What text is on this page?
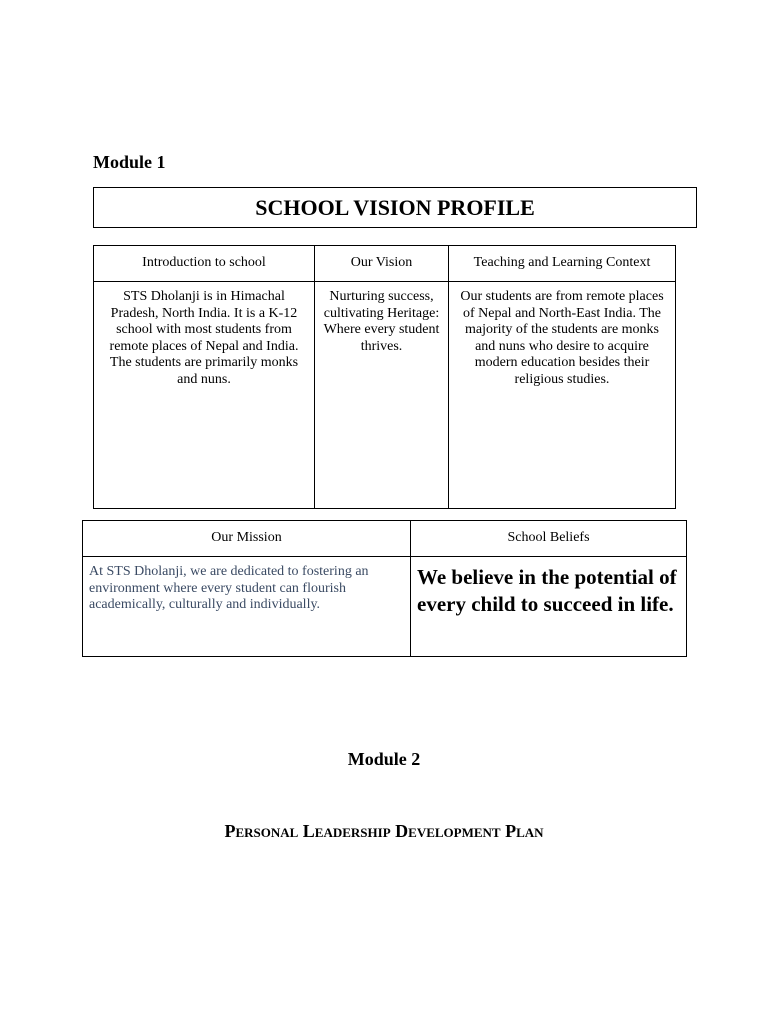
Module 1
SCHOOL VISION PROFILE
Introduction to school	Our Vision	Teaching and Learning Context
STS Dholanji is in Himachal Pradesh, North India. It is a K-12 school with most students from remote places of Nepal and India. The students are primarily monks and nuns.	Nurturing success, cultivating Heritage: Where every student thrives.	Our students are from remote places of Nepal and North-East India. The majority of the students are monks and nuns who desire to acquire modern education besides their religious studies.
Our Mission	School Beliefs

At STS Dholanji, we are dedicated to fostering an environment where every student can flourish academically, culturally and individually.	We believe in the potential of every child to succeed in life.
Module 2
Personal Leadership Development Plan
